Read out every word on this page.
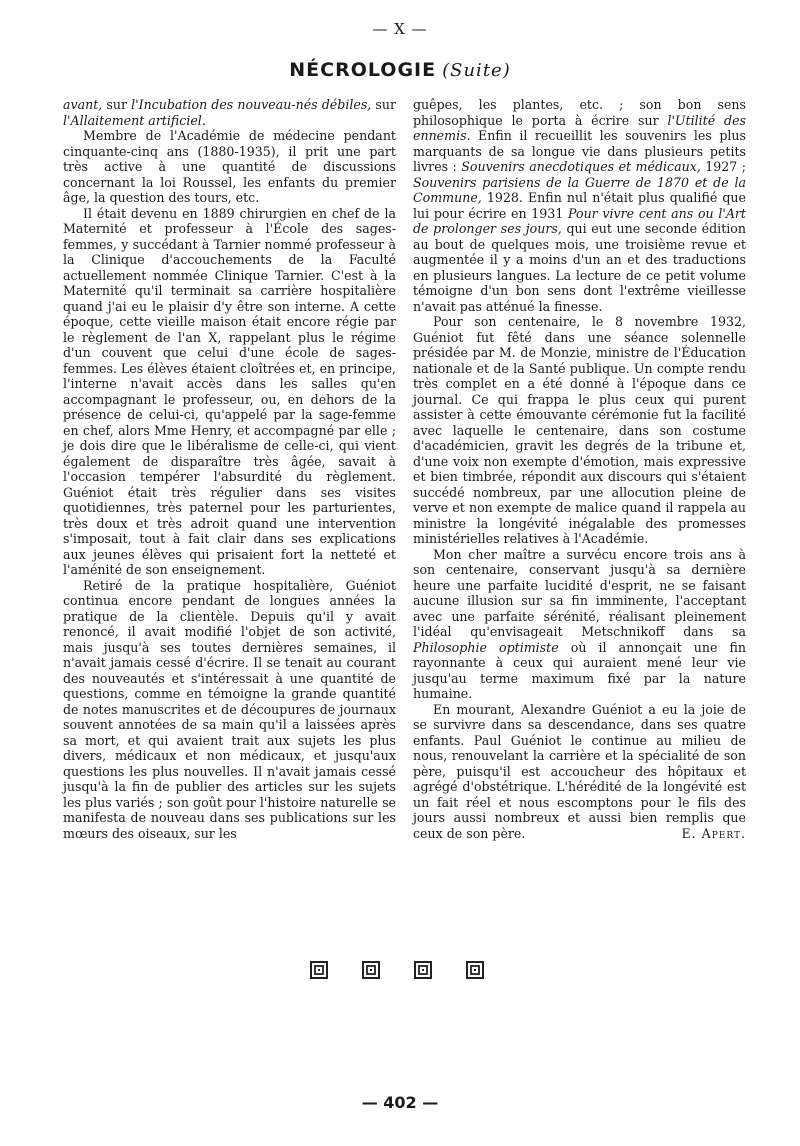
— X —
NÉCROLOGIE (Suite)

avant, sur l'Incubation des nouveau-nés débiles, sur l'Allaitement artificiel.

Membre de l'Académie de médecine pendant cinquante-cinq ans (1880-1935), il prit une part très active à une quantité de discussions concernant la loi Roussel, les enfants du premier âge, la question des tours, etc.

Il était devenu en 1889 chirurgien en chef de la Maternité et professeur à l'École des sages-femmes, y succédant à Tarnier nommé professeur à la Clinique d'accouchements de la Faculté actuellement nommée Clinique Tarnier. C'est à la Maternité qu'il terminait sa carrière hospitalière quand j'ai eu le plaisir d'y être son interne. A cette époque, cette vieille maison était encore régie par le règlement de l'an X, rappelant plus le régime d'un couvent que celui d'une école de sages-femmes. Les élèves étaient cloîtrées et, en principe, l'interne n'avait accès dans les salles qu'en accompagnant le professeur, ou, en dehors de la présence de celui-ci, qu'appelé par la sage-femme en chef, alors Mme Henry, et accompagné par elle ; je dois dire que le libéralisme de celle-ci, qui vient également de disparaître très âgée, savait à l'occasion tempérer l'absurdité du règlement. Guéniot était très régulier dans ses visites quotidiennes, très paternel pour les parturientes, très doux et très adroit quand une intervention s'imposait, tout à fait clair dans ses explications aux jeunes élèves qui prisaient fort la netteté et l'aménité de son enseignement.

Retiré de la pratique hospitalière, Guéniot continua encore pendant de longues années la pratique de la clientèle. Depuis qu'il y avait renoncé, il avait modifié l'objet de son activité, mais jusqu'à ses toutes dernières semaines, il n'avait jamais cessé d'écrire. Il se tenait au courant des nouveautés et s'intéressait à une quantité de questions, comme en témoigne la grande quantité de notes manuscrites et de découpures de journaux souvent annotées de sa main qu'il a laissées après sa mort, et qui avaient trait aux sujets les plus divers, médicaux et non médicaux, et jusqu'aux questions les plus nouvelles. Il n'avait jamais cessé jusqu'à la fin de publier des articles sur les sujets les plus variés ; son goût pour l'histoire naturelle se manifesta de nouveau dans ses publications sur les mœurs des oiseaux, sur les

guêpes, les plantes, etc. ; son bon sens philosophique le porta à écrire sur l'Utilité des ennemis. Enfin il recueillit les souvenirs les plus marquants de sa longue vie dans plusieurs petits livres : Souvenirs anecdotiques et médicaux, 1927 ; Souvenirs parisiens de la Guerre de 1870 et de la Commune, 1928. Enfin nul n'était plus qualifié que lui pour écrire en 1931 Pour vivre cent ans ou l'Art de prolonger ses jours, qui eut une seconde édition au bout de quelques mois, une troisième revue et augmentée il y a moins d'un an et des traductions en plusieurs langues. La lecture de ce petit volume témoigne d'un bon sens dont l'extrême vieillesse n'avait pas atténué la finesse.

Pour son centenaire, le 8 novembre 1932, Guéniot fut fêté dans une séance solennelle présidée par M. de Monzie, ministre de l'Éducation nationale et de la Santé publique. Un compte rendu très complet en a été donné à l'époque dans ce journal. Ce qui frappa le plus ceux qui purent assister à cette émouvante cérémonie fut la facilité avec laquelle le centenaire, dans son costume d'académicien, gravit les degrés de la tribune et, d'une voix non exempte d'émotion, mais expressive et bien timbrée, répondit aux discours qui s'étaient succédé nombreux, par une allocution pleine de verve et non exempte de malice quand il rappela au ministre la longévité inégalable des promesses ministérielles relatives à l'Académie.

Mon cher maître a survécu encore trois ans à son centenaire, conservant jusqu'à sa dernière heure une parfaite lucidité d'esprit, ne se faisant aucune illusion sur sa fin imminente, l'acceptant avec une parfaite sérénité, réalisant pleinement l'idéal qu'envisageait Metschnikoff dans sa Philosophie optimiste où il annonçait une fin rayonnante à ceux qui auraient mené leur vie jusqu'au terme maximum fixé par la nature humaine.

En mourant, Alexandre Guéniot a eu la joie de se survivre dans sa descendance, dans ses quatre enfants. Paul Guéniot le continue au milieu de nous, renouvelant la carrière et la spécialité de son père, puisqu'il est accoucheur des hôpitaux et agrégé d'obstétrique. L'hérédité de la longévité est un fait réel et nous escomptons pour le fils des jours aussi nombreux et aussi bien remplis que ceux de son père.	E. Apert.
— 402 —
